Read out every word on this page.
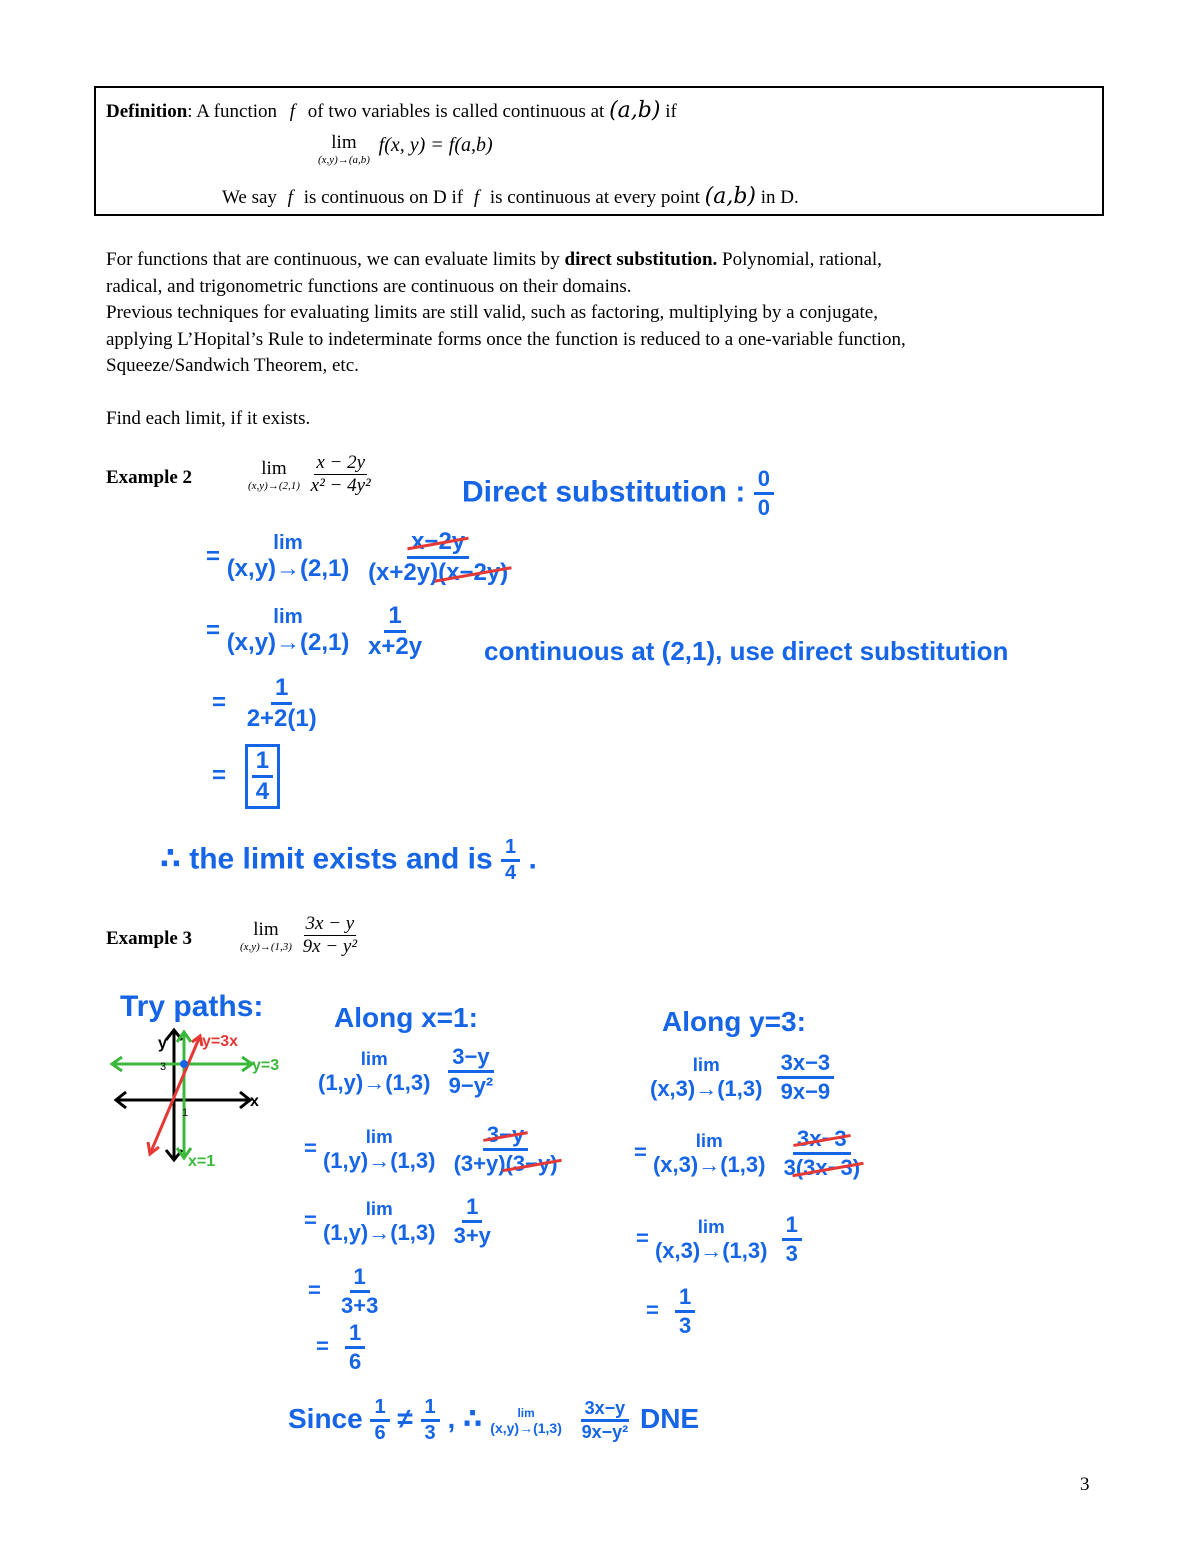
Definition: A function f of two variables is called continuous at (a,b) if
lim
(x,y)→(a,b)
f(x, y) = f(a,b)
We say f is continuous on D if f is continuous at every point (a,b) in D.
For functions that are continuous, we can evaluate limits by direct substitution. Polynomial, rational,
radical, and trigonometric functions are continuous on their domains.
Previous techniques for evaluating limits are still valid, such as factoring, multiplying by a conjugate,
applying L’Hopital’s Rule to indeterminate forms once the function is reduced to a one-variable function,
Squeeze/Sandwich Theorem, etc.
Find each limit, if it exists.
Example 2	lim
(x,y)→(2,1)
$\frac{x - 2y}{\text{x² − 4y²}}$	Direct substitution : $\frac{0}{0}$
=	lim
(x,y)→(2,1)
$\frac{x-2y}{(x+2y)(x-2y)}$
=	lim
(x,y)→(2,1)
$\frac{1}{x+2y}$ continuous at (2,1), use direct substitution
= $\frac{1}{2+2(1)}$
= $\frac{1}{4}$
∴ the limit exists and is $\frac{1}{4}$ .
Example 3	lim
(x,y)→(1,3)
$\frac{3x - y}{\text{9x − y²}}$
Try paths:
y
3
1
x
y=3x
y=3
x=1
Along x=1:
lim
(1,y)→(1,3)
$\frac{3-y}{\text{9−y²}}$
=	lim
(1,y)→(1,3)
$\frac{3-y}{(3+y)(3-y)}$
=	lim
(1,y)→(1,3)
$\frac{1}{3+y}$
= $\frac{1}{3+3}$
= $\frac{1}{6}$
Along y=3:
lim
(x,3)→(1,3)
$\frac{3x-3}{9x-9}$
=	lim
(x,3)→(1,3)
$\frac{3x-3}{3(3x-3)}$
=	lim
(x,3)→(1,3)
$\frac{1}{3}$
= $\frac{1}{3}$
Since $\frac{1}{6} \ne \frac{1}{3}$ , ∴	lim
(x,y)→(1,3)
$\frac{3x-y}{\text{9x−y²}}$ DNE
3
